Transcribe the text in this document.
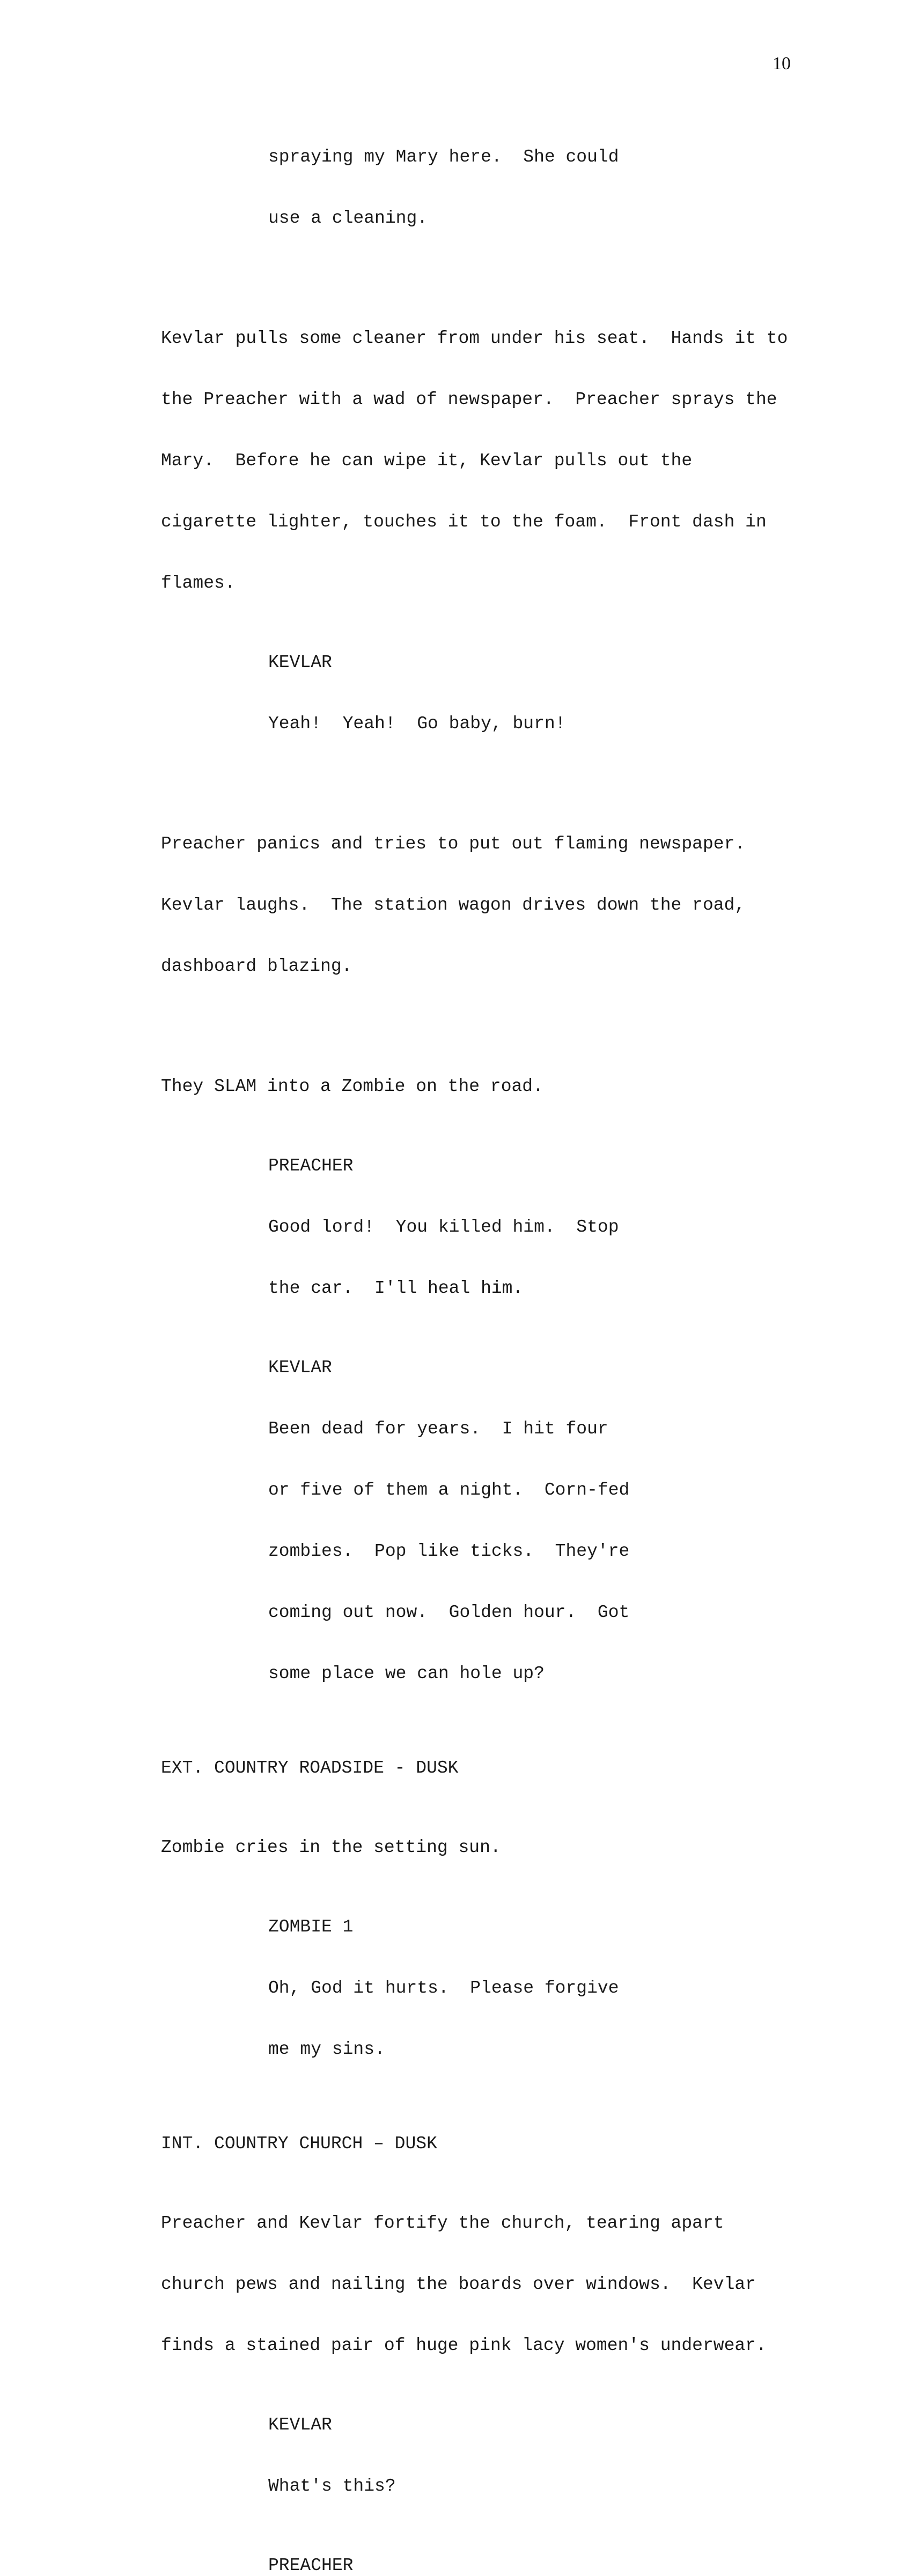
10

spraying my Mary here.  She could

use a cleaning.

Kevlar pulls some cleaner from under his seat.  Hands it to

the Preacher with a wad of newspaper.  Preacher sprays the

Mary.  Before he can wipe it, Kevlar pulls out the

cigarette lighter, touches it to the foam.  Front dash in

flames.

KEVLAR

Yeah!  Yeah!  Go baby, burn!

Preacher panics and tries to put out flaming newspaper.

Kevlar laughs.  The station wagon drives down the road,

dashboard blazing.

They SLAM into a Zombie on the road.

PREACHER

Good lord!  You killed him.  Stop

the car.  I'll heal him.

KEVLAR

Been dead for years.  I hit four

or five of them a night.  Corn-fed

zombies.  Pop like ticks.  They're

coming out now.  Golden hour.  Got

some place we can hole up?

EXT. COUNTRY ROADSIDE - DUSK

Zombie cries in the setting sun.

ZOMBIE 1

Oh, God it hurts.  Please forgive

me my sins.

INT. COUNTRY CHURCH – DUSK

Preacher and Kevlar fortify the church, tearing apart

church pews and nailing the boards over windows.  Kevlar

finds a stained pair of huge pink lacy women's underwear.

KEVLAR

What's this?

PREACHER
